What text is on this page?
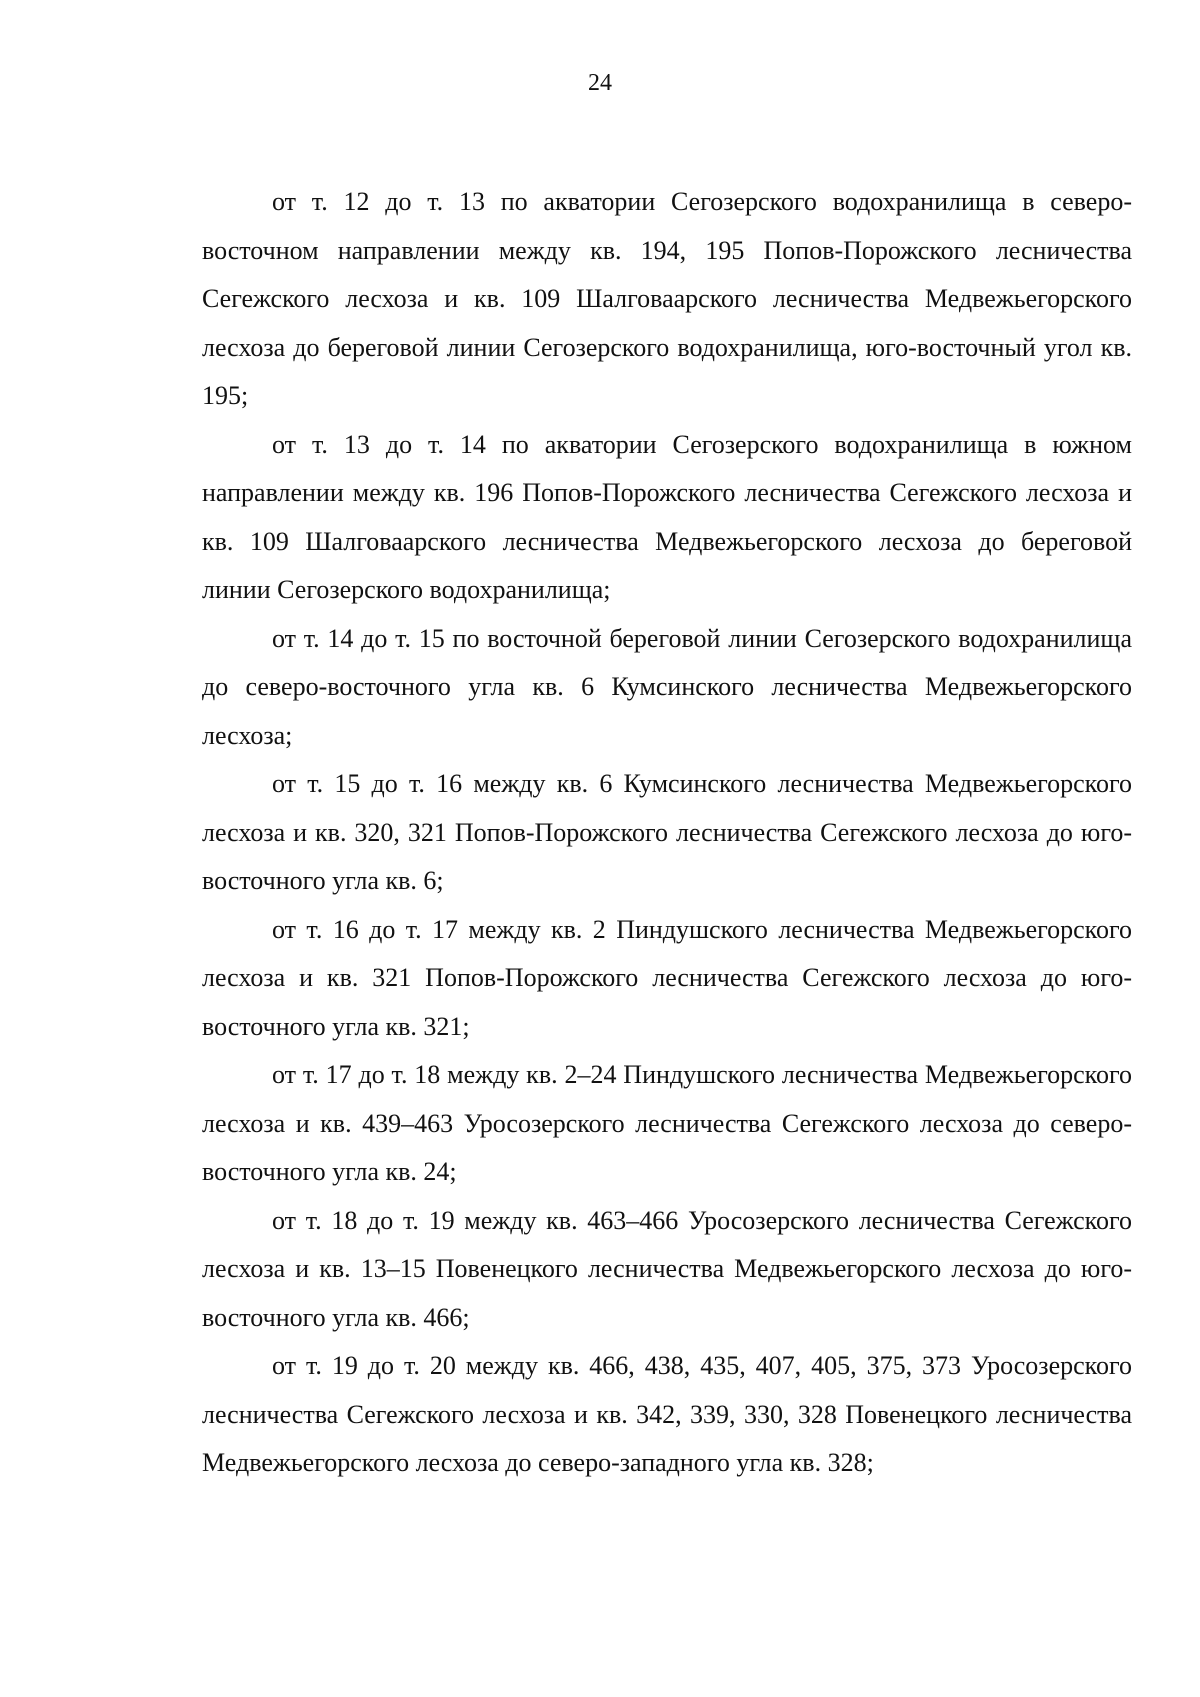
24

от т. 12 до т. 13 по акватории Сегозерского водохранилища в северо-восточном направлении между кв. 194, 195 Попов-Порожского лесничества Сегежского лесхоза и кв. 109 Шалговаарского лесничества Медвежьегорского лесхоза до береговой линии Сегозерского водохранилища, юго-восточный угол кв. 195;

от т. 13 до т. 14 по акватории Сегозерского водохранилища в южном направлении между кв. 196 Попов-Порожского лесничества Сегежского лесхоза и кв. 109 Шалговаарского лесничества Медвежьегорского лесхоза до береговой линии Сегозерского водохранилища;

от т. 14 до т. 15 по восточной береговой линии Сегозерского водохранилища до северо-восточного угла кв. 6 Кумсинского лесничества Медвежьегорского лесхоза;

от т. 15 до т. 16 между кв. 6 Кумсинского лесничества Медвежьегорского лесхоза и кв. 320, 321 Попов-Порожского лесничества Сегежского лесхоза до юго-восточного угла кв. 6;

от т. 16 до т. 17 между кв. 2 Пиндушского лесничества Медвежьегорского лесхоза и кв. 321 Попов-Порожского лесничества Сегежского лесхоза до юго-восточного угла кв. 321;

от т. 17 до т. 18 между кв. 2–24 Пиндушского лесничества Медвежьегорского лесхоза и кв. 439–463 Уросозерского лесничества Сегежского лесхоза до северо-восточного угла кв. 24;

от т. 18 до т. 19 между кв. 463–466 Уросозерского лесничества Сегежского лесхоза и кв. 13–15 Повенецкого лесничества Медвежьегорского лесхоза до юго-восточного угла кв. 466;

от т. 19 до т. 20 между кв. 466, 438, 435, 407, 405, 375, 373 Уросозерского лесничества Сегежского лесхоза и кв. 342, 339, 330, 328 Повенецкого лесничества Медвежьегорского лесхоза до северо-западного угла кв. 328;
